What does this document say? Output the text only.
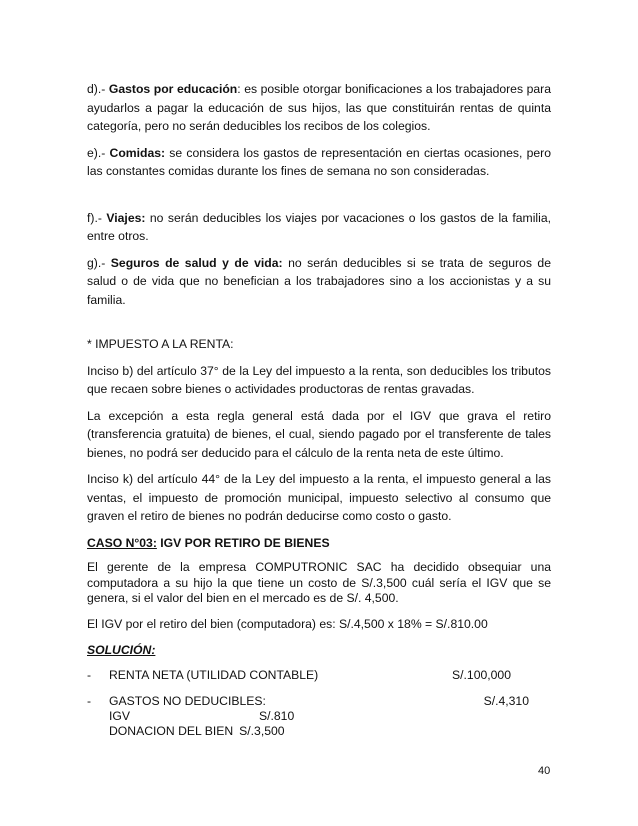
d).- Gastos por educación: es posible otorgar bonificaciones a los trabajadores para ayudarlos a pagar la educación de sus hijos, las que constituirán rentas de quinta categoría, pero no serán deducibles los recibos de los colegios.

e).- Comidas: se considera los gastos de representación en ciertas ocasiones, pero las constantes comidas durante los fines de semana no son consideradas.

f).- Viajes: no serán deducibles los viajes por vacaciones o los gastos de la familia, entre otros.

g).- Seguros de salud y de vida: no serán deducibles si se trata de seguros de salud o de vida que no benefician a los trabajadores sino a los accionistas y a su familia.

* IMPUESTO A LA RENTA:

Inciso b) del artículo 37° de la Ley del impuesto a la renta, son deducibles los tributos que recaen sobre bienes o actividades productoras de rentas gravadas.

La excepción a esta regla general está dada por el IGV que grava el retiro (transferencia gratuita) de bienes, el cual, siendo pagado por el transferente de tales bienes, no podrá ser deducido para el cálculo de la renta neta de este último.

Inciso k) del artículo 44° de la Ley del impuesto a la renta, el impuesto general a las ventas, el impuesto de promoción municipal, impuesto selectivo al consumo que graven el retiro de bienes no podrán deducirse como costo o gasto.

CASO N°03: IGV POR RETIRO DE BIENES

El gerente de la empresa COMPUTRONIC SAC ha decidido obsequiar una computadora a su hijo la que tiene un costo de S/.3,500 cuál sería el IGV que se genera, si el valor del bien en el mercado es de S/. 4,500.

El IGV por el retiro del bien (computadora) es: S/.4,500 x 18% = S/.810.00

SOLUCIÓN:

-	RENTA NETA (UTILIDAD CONTABLE)	S/.100,000
-	GASTOS NO DEDUCIBLES:	S/.4,310
IGV	S/.810
DONACION DEL BIEN S/.3,500
40
